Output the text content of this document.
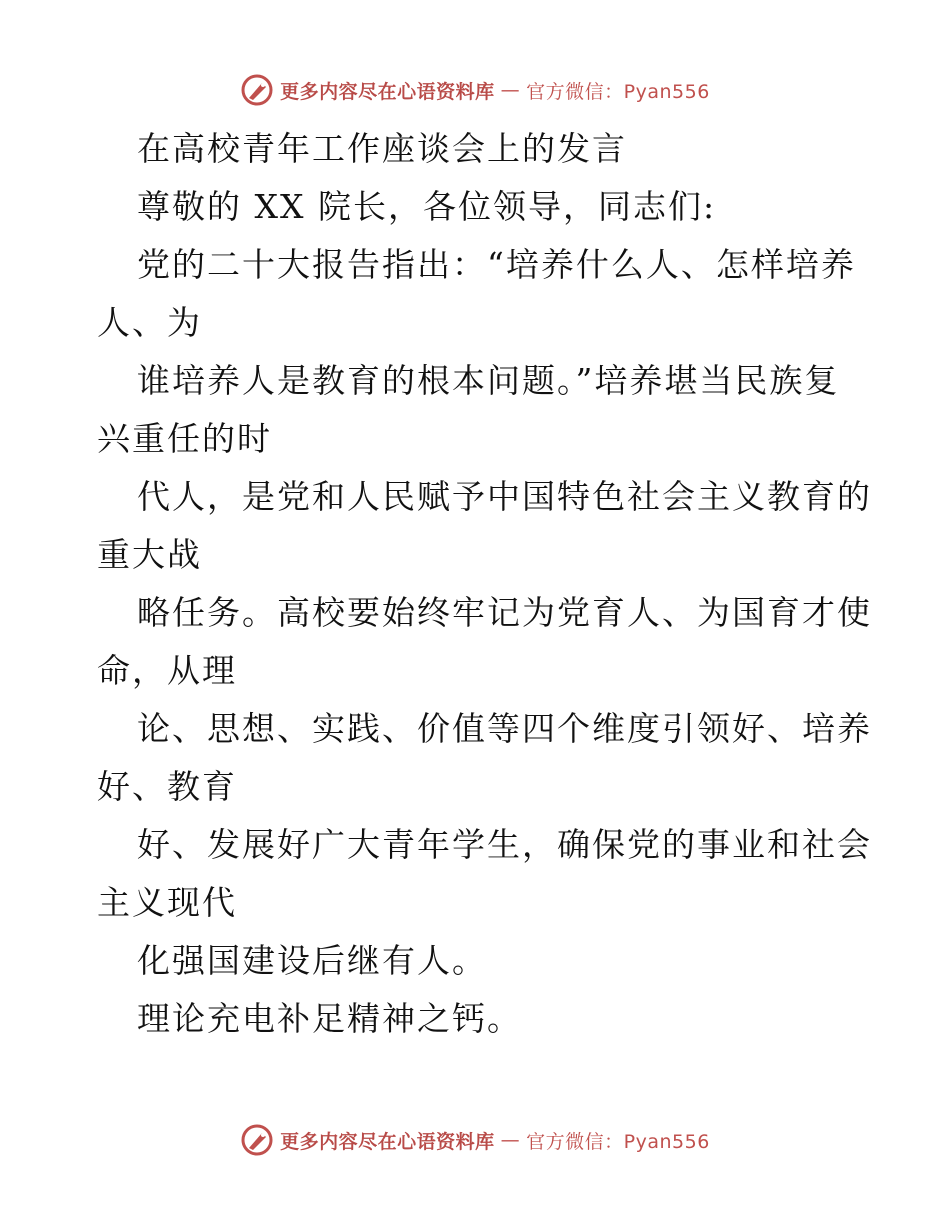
更多内容尽在心语资料库 — 官方微信：Pyan556
在高校青年工作座谈会上的发言
尊敬的 XX 院长，各位领导，同志们:
党的二十大报告指出：“培养什么人、怎样培养
人、为
谁培养人是教育的根本问题。”培养堪当民族复
兴重任的时
代人，是党和人民赋予中国特色社会主义教育的
重大战
略任务。高校要始终牢记为党育人、为国育才使
命，从理
论、思想、实践、价值等四个维度引领好、培养
好、教育
好、发展好广大青年学生，确保党的事业和社会
主义现代
化强国建设后继有人。
理论充电补足精神之钙。
更多内容尽在心语资料库 — 官方微信：Pyan556
